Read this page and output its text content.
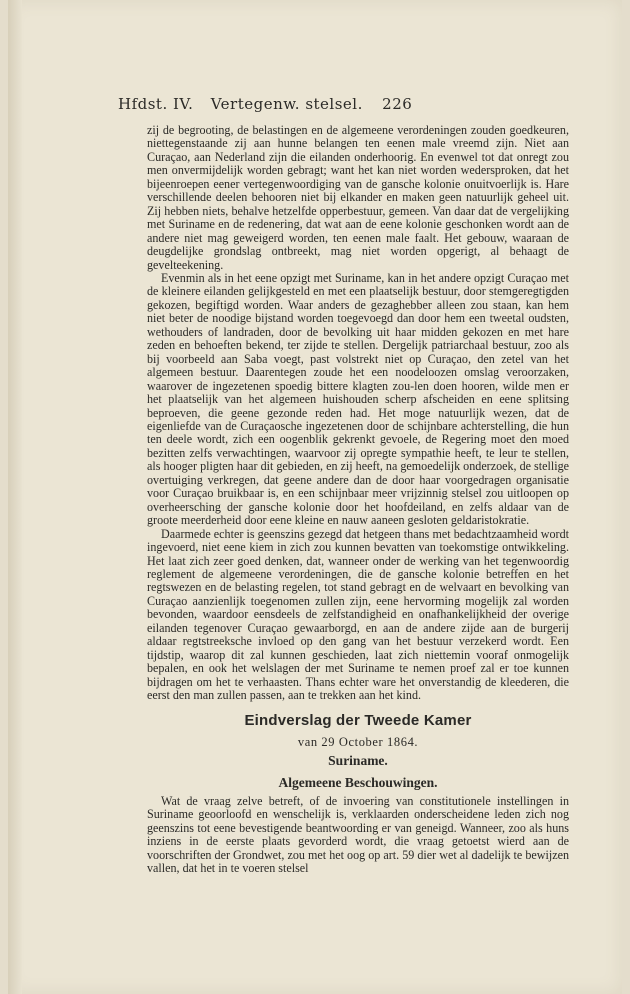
Hfdst. IV. Vertegenw. stelsel. 226

zij de begrooting, de belastingen en de algemeene verordeningen zouden goedkeuren, niettegenstaande zij aan hunne belangen ten eenen male vreemd zijn. Niet aan Curaçao, aan Nederland zijn die eilanden onderhoorig. En evenwel tot dat onregt zou men onvermijdelijk worden gebragt; want het kan niet worden wedersproken, dat het bijeenroepen eener vertegenwoordiging van de gansche kolonie onuitvoerlijk is. Hare verschillende deelen behooren niet bij elkander en maken geen natuurlijk geheel uit. Zij hebben niets, behalve hetzelfde opperbestuur, gemeen. Van daar dat de vergelijking met Suriname en de redenering, dat wat aan de eene kolonie geschonken wordt aan de andere niet mag geweigerd worden, ten eenen male faalt. Het gebouw, waaraan de deugdelijke grondslag ontbreekt, mag niet worden opgerigt, al behaagt de gevelteekening.

Evenmin als in het eene opzigt met Suriname, kan in het andere opzigt Curaçao met de kleinere eilanden gelijkgesteld en met een plaatselijk bestuur, door stemgeregtigden gekozen, begiftigd worden. Waar anders de gezaghebber alleen zou staan, kan hem niet beter de noodige bijstand worden toegevoegd dan door hem een tweetal oudsten, wethouders of landraden, door de bevolking uit haar midden gekozen en met hare zeden en behoeften bekend, ter zijde te stellen. Dergelijk patriarchaal bestuur, zoo als bij voorbeeld aan Saba voegt, past volstrekt niet op Curaçao, den zetel van het algemeen bestuur. Daarentegen zoude het een noodeloozen omslag veroorzaken, waarover de ingezetenen spoedig bittere klagten zou-len doen hooren, wilde men er het plaatselijk van het algemeen huishouden scherp afscheiden en eene splitsing beproeven, die geene gezonde reden had. Het moge natuurlijk wezen, dat de eigenliefde van de Curaçaosche ingezetenen door de schijnbare achterstelling, die hun ten deele wordt, zich een oogenblik gekrenkt gevoele, de Regering moet den moed bezitten zelfs verwachtingen, waarvoor zij opregte sympathie heeft, te leur te stellen, als hooger pligten haar dit gebieden, en zij heeft, na gemoedelijk onderzoek, de stellige overtuiging verkregen, dat geene andere dan de door haar voorgedragen organisatie voor Curaçao bruikbaar is, en een schijnbaar meer vrijzinnig stelsel zou uitloopen op overheersching der gansche kolonie door het hoofdeiland, en zelfs aldaar van de groote meerderheid door eene kleine en nauw aaneen gesloten geldaristokratie.

Daarmede echter is geenszins gezegd dat hetgeen thans met bedachtzaamheid wordt ingevoerd, niet eene kiem in zich zou kunnen bevatten van toekomstige ontwikkeling. Het laat zich zeer goed denken, dat, wanneer onder de werking van het tegenwoordig reglement de algemeene verordeningen, die de gansche kolonie betreffen en het regtswezen en de belasting regelen, tot stand gebragt en de welvaart en bevolking van Curaçao aanzienlijk toegenomen zullen zijn, eene hervorming mogelijk zal worden bevonden, waardoor eensdeels de zelfstandigheid en onafhankelijkheid der overige eilanden tegenover Curaçao gewaarborgd, en aan de andere zijde aan de burgerij aldaar regtstreeksche invloed op den gang van het bestuur verzekerd wordt. Een tijdstip, waarop dit zal kunnen geschieden, laat zich niettemin vooraf onmogelijk bepalen, en ook het welslagen der met Suriname te nemen proef zal er toe kunnen bijdragen om het te verhaasten. Thans echter ware het onverstandig de kleederen, die eerst den man zullen passen, aan te trekken aan het kind.

Eindverslag der Tweede Kamer
van 29 October 1864.
Suriname.
Algemeene Beschouwingen.

Wat de vraag zelve betreft, of de invoering van constitutionele instellingen in Suriname geoorloofd en wenschelijk is, verklaarden onderscheidene leden zich nog geenszins tot eene bevestigende beantwoording er van geneigd. Wanneer, zoo als huns inziens in de eerste plaats gevorderd wordt, die vraag getoetst wierd aan de voorschriften der Grondwet, zou met het oog op art. 59 dier wet al dadelijk te bewijzen vallen, dat het in te voeren stelsel
